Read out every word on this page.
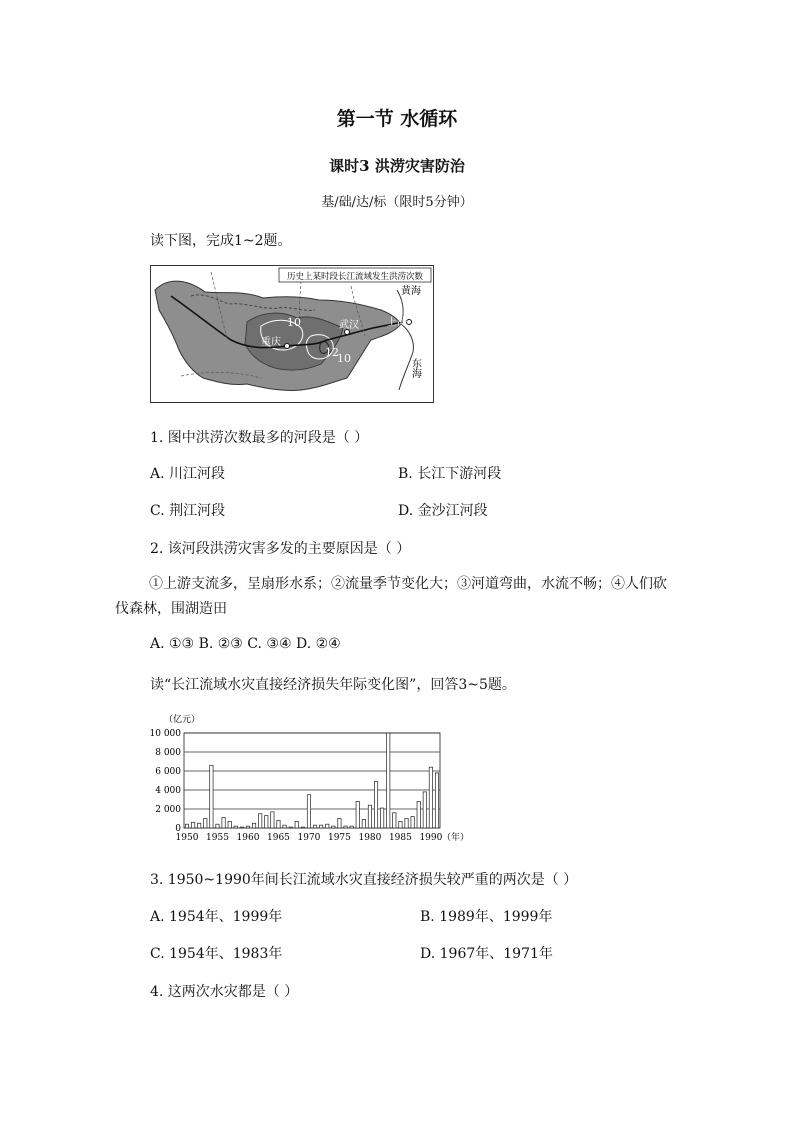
第一节 水循环
课时3 洪涝灾害防治
基/础/达/标（限时5分钟）
读下图，完成1~2题。
历史上某时段长江流域发生洪涝次数
黄海
上海
武汉
重庆
东海
10
12
10
1. 图中洪涝次数最多的河段是（ ）
A. 川江河段	B. 长江下游河段
C. 荆江河段	D. 金沙江河段
2. 该河段洪涝灾害多发的主要原因是（ ）
①上游支流多，呈扇形水系；②流量季节变化大；③河道弯曲，水流不畅；④人们砍伐森林，围湖造田
A. ①③ B. ②③ C. ③④ D. ②④
读“长江流域水灾直接经济损失年际变化图”，回答3~5题。
（亿元）
0
2 000
4 000
6 000
8 000
10 000
1950 1955 1960 1965 1970 1975 1980 1985 1990 （年）
3. 1950~1990年间长江流域水灾直接经济损失较严重的两次是（ ）
A. 1954年、1999年	B. 1989年、1999年
C. 1954年、1983年	D. 1967年、1971年
4. 这两次水灾都是（ ）
